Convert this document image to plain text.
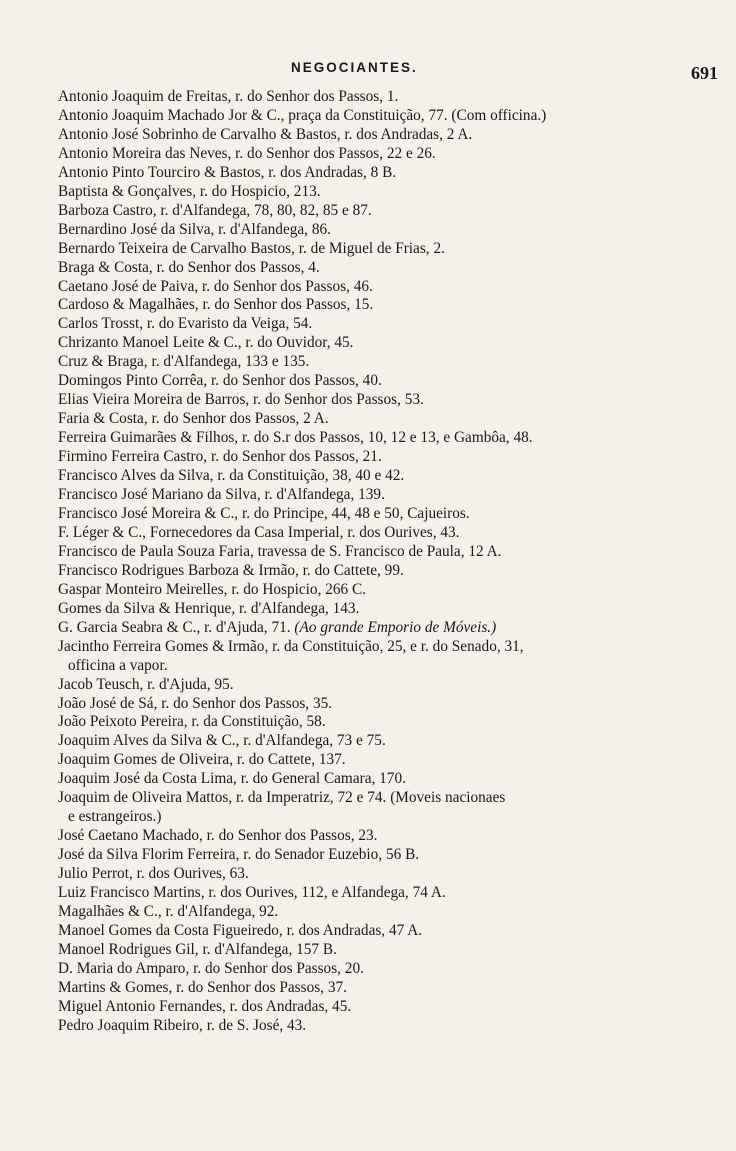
NEGOCIANTES.	691
Antonio Joaquim de Freitas, r. do Senhor dos Passos, 1.
Antonio Joaquim Machado Jor & C., praça da Constituição, 77. (Com officina.)
Antonio José Sobrinho de Carvalho & Bastos, r. dos Andradas, 2 A.
Antonio Moreira das Neves, r. do Senhor dos Passos, 22 e 26.
Antonio Pinto Tourciro & Bastos, r. dos Andradas, 8 B.
Baptista & Gonçalves, r. do Hospicio, 213.
Barboza Castro, r. d'Alfandega, 78, 80, 82, 85 e 87.
Bernardino José da Silva, r. d'Alfandega, 86.
Bernardo Teixeira de Carvalho Bastos, r. de Miguel de Frias, 2.
Braga & Costa, r. do Senhor dos Passos, 4.
Caetano José de Paiva, r. do Senhor dos Passos, 46.
Cardoso & Magalhães, r. do Senhor dos Passos, 15.
Carlos Trosst, r. do Evaristo da Veiga, 54.
Chrizanto Manoel Leite & C., r. do Ouvidor, 45.
Cruz & Braga, r. d'Alfandega, 133 e 135.
Domingos Pinto Corrêa, r. do Senhor dos Passos, 40.
Elias Vieira Moreira de Barros, r. do Senhor dos Passos, 53.
Faria & Costa, r. do Senhor dos Passos, 2 A.
Ferreira Guimarães & Filhos, r. do S.r dos Passos, 10, 12 e 13, e Gambôa, 48.
Firmino Ferreira Castro, r. do Senhor dos Passos, 21.
Francisco Alves da Silva, r. da Constituição, 38, 40 e 42.
Francisco José Mariano da Silva, r. d'Alfandega, 139.
Francisco José Moreira & C., r. do Principe, 44, 48 e 50, Cajueiros.
F. Léger & C., Fornecedores da Casa Imperial, r. dos Ourives, 43.
Francisco de Paula Souza Faria, travessa de S. Francisco de Paula, 12 A.
Francisco Rodrigues Barboza & Irmão, r. do Cattete, 99.
Gaspar Monteiro Meirelles, r. do Hospicio, 266 C.
Gomes da Silva & Henrique, r. d'Alfandega, 143.
G. Garcia Seabra & C., r. d'Ajuda, 71. (Ao grande Emporio de Móveis.)
Jacintho Ferreira Gomes & Irmão, r. da Constituição, 25, e r. do Senado, 31,
officina a vapor.
Jacob Teusch, r. d'Ajuda, 95.
João José de Sá, r. do Senhor dos Passos, 35.
João Peixoto Pereira, r. da Constituição, 58.
Joaquim Alves da Silva & C., r. d'Alfandega, 73 e 75.
Joaquim Gomes de Oliveira, r. do Cattete, 137.
Joaquim José da Costa Lima, r. do General Camara, 170.
Joaquim de Oliveira Mattos, r. da Imperatriz, 72 e 74. (Moveis nacionaes
e estrangeiros.)
José Caetano Machado, r. do Senhor dos Passos, 23.
José da Silva Florim Ferreira, r. do Senador Euzebio, 56 B.
Julio Perrot, r. dos Ourives, 63.
Luiz Francisco Martins, r. dos Ourives, 112, e Alfandega, 74 A.
Magalhães & C., r. d'Alfandega, 92.
Manoel Gomes da Costa Figueiredo, r. dos Andradas, 47 A.
Manoel Rodrigues Gil, r. d'Alfandega, 157 B.
D. Maria do Amparo, r. do Senhor dos Passos, 20.
Martins & Gomes, r. do Senhor dos Passos, 37.
Miguel Antonio Fernandes, r. dos Andradas, 45.
Pedro Joaquim Ribeiro, r. de S. José, 43.
